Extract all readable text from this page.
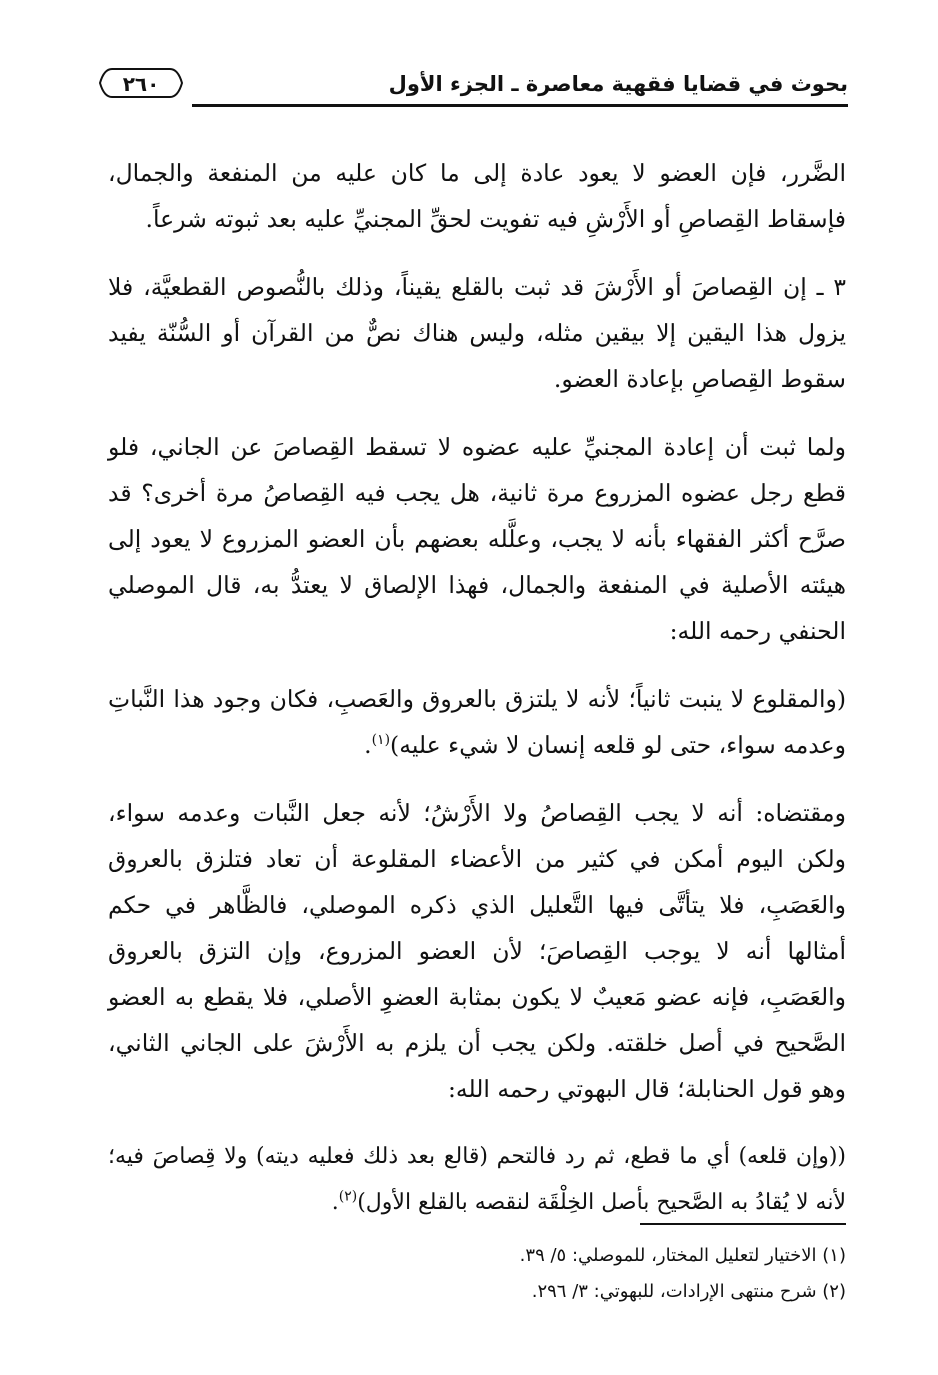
٢٦٠	بحوث في قضايا فقهية معاصرة ـ الجزء الأول

الضَّرر، فإن العضو لا يعود عادة إلى ما كان عليه من المنفعة والجمال، فإسقاط القِصاصِ أو الأَرْشِ فيه تفويت لحقِّ المجنيِّ عليه بعد ثبوته شرعاً.

٣ ـ إن القِصاصَ أو الأَرْشَ قد ثبت بالقلع يقيناً، وذلك بالنُّصوص القطعيَّة، فلا يزول هذا اليقين إلا بيقين مثله، وليس هناك نصٌّ من القرآن أو السُّنّة يفيد سقوط القِصاصِ بإعادة العضو.

ولما ثبت أن إعادة المجنيِّ عليه عضوه لا تسقط القِصاصَ عن الجاني، فلو قطع رجل عضوه المزروع مرة ثانية، هل يجب فيه القِصاصُ مرة أخرى؟ قد صرَّح أكثر الفقهاء بأنه لا يجب، وعلَّله بعضهم بأن العضو المزروع لا يعود إلى هيئته الأصلية في المنفعة والجمال، فهذا الإلصاق لا يعتدُّ به، قال الموصلي الحنفي رحمه الله:

(والمقلوع لا ينبت ثانياً؛ لأنه لا يلتزق بالعروق والعَصبِ، فكان وجود هذا النَّباتِ وعدمه سواء، حتى لو قلعه إنسان لا شيء عليه)$^{(١)}$.

ومقتضاه: أنه لا يجب القِصاصُ ولا الأَرْشُ؛ لأنه جعل النَّبات وعدمه سواء، ولكن اليوم أمكن في كثير من الأعضاء المقلوعة أن تعاد فتلزق بالعروق والعَصَبِ، فلا يتأتَّى فيها التَّعليل الذي ذكره الموصلي، فالظَّاهر في حكم أمثالها أنه لا يوجب القِصاصَ؛ لأن العضو المزروع، وإن التزق بالعروق والعَصَبِ، فإنه عضو مَعيبٌ لا يكون بمثابة العضوِ الأصلي، فلا يقطع به العضو الصَّحيح في أصل خلقته. ولكن يجب أن يلزم به الأَرْشَ على الجاني الثاني، وهو قول الحنابلة؛ قال البهوتي رحمه الله:

((وإن قلعه) أي ما قطع، ثم رد فالتحم (قالع بعد ذلك فعليه ديته) ولا قِصاصَ فيه؛ لأنه لا يُقادُ به الصَّحيح بأصل الخِلْقَة لنقصه بالقلع الأول)$^{(٢)}$.

(١) الاختيار لتعليل المختار، للموصلي: ٥/ ٣٩.
(٢) شرح منتهى الإرادات، للبهوتي: ٣/ ٢٩٦.
